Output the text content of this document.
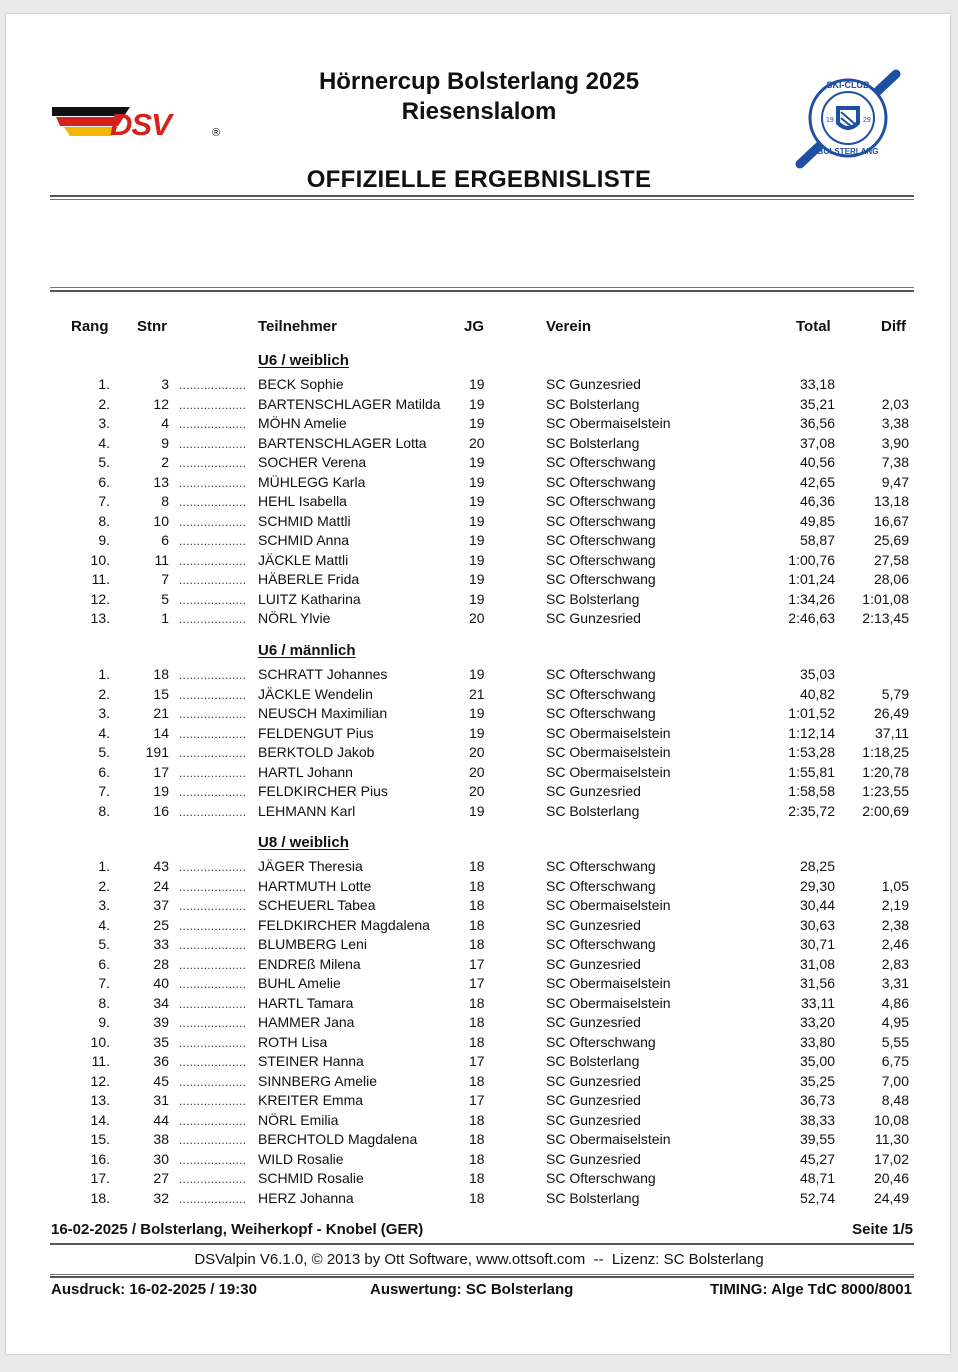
DSV	®
SKI-CLUB
19	29
BOLSTERLANG
Hörnercup Bolsterlang 2025
Riesenslalom
OFFIZIELLE ERGEBNISLISTE
Rang Stnr	Teilnehmer	JG	Verein	Total	Diff
U6 / weiblich
1.	3 ................... BECK Sophie	19	SC Gunzesried	33,18
2.	12 ................... BARTENSCHLAGER Matilda 19	SC Bolsterlang	35,21	2,03
3.	4 ................... MÖHN Amelie	19	SC Obermaiselstein	36,56	3,38
4.	9 ................... BARTENSCHLAGER Lotta	20	SC Bolsterlang	37,08	3,90
5.	2 ................... SOCHER Verena	19	SC Ofterschwang	40,56	7,38
6.	13 ................... MÜHLEGG Karla	19	SC Ofterschwang	42,65	9,47
7.	8 ................... HEHL Isabella	19	SC Ofterschwang	46,36	13,18
8.	10 ................... SCHMID Mattli	19	SC Ofterschwang	49,85	16,67
9.	6 ................... SCHMID Anna	19	SC Ofterschwang	58,87	25,69
10.	11 ................... JÄCKLE Mattli	19	SC Ofterschwang	1:00,76	27,58
11.	7 ................... HÄBERLE Frida	19	SC Ofterschwang	1:01,24	28,06
12.	5 ................... LUITZ Katharina	19	SC Bolsterlang	1:34,26 1:01,08
13.	1 ................... NÖRL Ylvie	20	SC Gunzesried	2:46,63 2:13,45
U6 / männlich
1.	18 ................... SCHRATT Johannes	19	SC Ofterschwang	35,03
2.	15 ................... JÄCKLE Wendelin	21	SC Ofterschwang	40,82	5,79
3.	21 ................... NEUSCH Maximilian	19	SC Ofterschwang	1:01,52	26,49
4.	14 ................... FELDENGUT Pius	19	SC Obermaiselstein	1:12,14	37,11
5.	191 ................... BERKTOLD Jakob	20	SC Obermaiselstein	1:53,28 1:18,25
6.	17 ................... HARTL Johann	20	SC Obermaiselstein	1:55,81 1:20,78
7.	19 ................... FELDKIRCHER Pius	20	SC Gunzesried	1:58,58 1:23,55
8.	16 ................... LEHMANN Karl	19	SC Bolsterlang	2:35,72 2:00,69
U8 / weiblich
1.	43 ................... JÄGER Theresia	18	SC Ofterschwang	28,25
2.	24 ................... HARTMUTH Lotte	18	SC Ofterschwang	29,30	1,05
3.	37 ................... SCHEUERL Tabea	18	SC Obermaiselstein	30,44	2,19
4.	25 ................... FELDKIRCHER Magdalena	18	SC Gunzesried	30,63	2,38
5.	33 ................... BLUMBERG Leni	18	SC Ofterschwang	30,71	2,46
6.	28 ................... ENDREß Milena	17	SC Gunzesried	31,08	2,83
7.	40 ................... BUHL Amelie	17	SC Obermaiselstein	31,56	3,31
8.	34 ................... HARTL Tamara	18	SC Obermaiselstein	33,11	4,86
9.	39 ................... HAMMER Jana	18	SC Gunzesried	33,20	4,95
10.	35 ................... ROTH Lisa	18	SC Ofterschwang	33,80	5,55
11.	36 ................... STEINER Hanna	17	SC Bolsterlang	35,00	6,75
12.	45 ................... SINNBERG Amelie	18	SC Gunzesried	35,25	7,00
13.	31 ................... KREITER Emma	17	SC Gunzesried	36,73	8,48
14.	44 ................... NÖRL Emilia	18	SC Gunzesried	38,33	10,08
15.	38 ................... BERCHTOLD Magdalena	18	SC Obermaiselstein	39,55	11,30
16.	30 ................... WILD Rosalie	18	SC Gunzesried	45,27	17,02
17.	27 ................... SCHMID Rosalie	18	SC Ofterschwang	48,71	20,46
18.	32 ................... HERZ Johanna	18	SC Bolsterlang	52,74	24,49
16-02-2025 / Bolsterlang, Weiherkopf - Knobel (GER)	Seite 1/5
DSValpin V6.1.0, © 2013 by Ott Software, www.ottsoft.com  --  Lizenz: SC Bolsterlang
Ausdruck: 16-02-2025 / 19:30	Auswertung: SC Bolsterlang	TIMING: Alge TdC 8000/8001
